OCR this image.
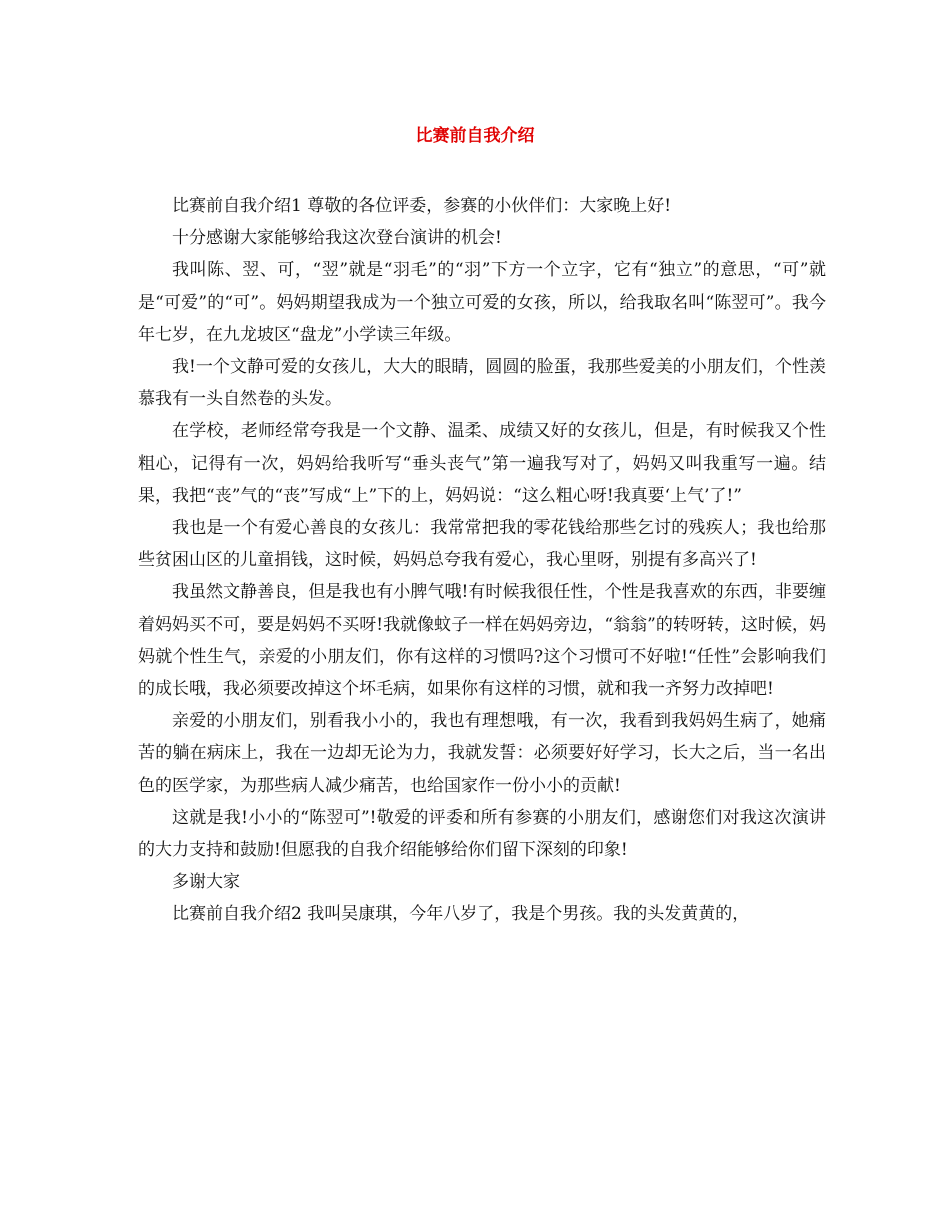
比赛前自我介绍

比赛前自我介绍1 尊敬的各位评委，参赛的小伙伴们：大家晚上好!

十分感谢大家能够给我这次登台演讲的机会!

我叫陈、翌、可，“翌”就是“羽毛”的“羽”下方一个立字，它有“独立”的意思，“可”就是“可爱”的“可”。妈妈期望我成为一个独立可爱的女孩，所以，给我取名叫“陈翌可”。我今年七岁，在九龙坡区“盘龙”小学读三年级。

我!一个文静可爱的女孩儿，大大的眼睛，圆圆的脸蛋，我那些爱美的小朋友们，个性羡慕我有一头自然卷的头发。

在学校，老师经常夸我是一个文静、温柔、成绩又好的女孩儿，但是，有时候我又个性粗心，记得有一次，妈妈给我听写“垂头丧气”第一遍我写对了，妈妈又叫我重写一遍。结果，我把“丧”气的“丧”写成“上”下的上，妈妈说：“这么粗心呀!我真要‘上气’了!”

我也是一个有爱心善良的女孩儿：我常常把我的零花钱给那些乞讨的残疾人；我也给那些贫困山区的儿童捐钱，这时候，妈妈总夸我有爱心，我心里呀，别提有多高兴了!

我虽然文静善良，但是我也有小脾气哦!有时候我很任性，个性是我喜欢的东西，非要缠着妈妈买不可，要是妈妈不买呀!我就像蚊子一样在妈妈旁边，“翁翁”的转呀转，这时候，妈妈就个性生气，亲爱的小朋友们，你有这样的习惯吗?这个习惯可不好啦!“任性”会影响我们的成长哦，我必须要改掉这个坏毛病，如果你有这样的习惯，就和我一齐努力改掉吧!

亲爱的小朋友们，别看我小小的，我也有理想哦，有一次，我看到我妈妈生病了，她痛苦的躺在病床上，我在一边却无论为力，我就发誓：必须要好好学习，长大之后，当一名出色的医学家，为那些病人减少痛苦，也给国家作一份小小的贡献!

这就是我!小小的“陈翌可”!敬爱的评委和所有参赛的小朋友们，感谢您们对我这次演讲的大力支持和鼓励!但愿我的自我介绍能够给你们留下深刻的印象!

多谢大家

比赛前自我介绍2 我叫吴康琪，今年八岁了，我是个男孩。我的头发黄黄的，
